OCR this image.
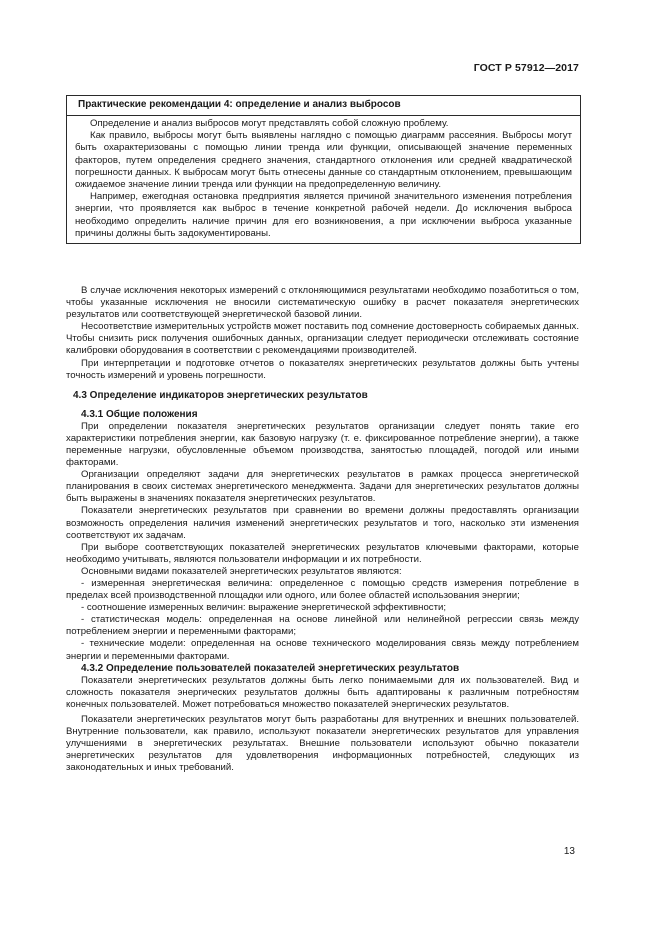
ГОСТ Р 57912—2017
Практические рекомендации 4: определение и анализ выбросов

Определение и анализ выбросов могут представлять собой сложную проблему.

Как правило, выбросы могут быть выявлены наглядно с помощью диаграмм рассеяния. Выбросы могут быть охарактеризованы с помощью линии тренда или функции, описывающей значение переменных факторов, путем определения среднего значения, стандартного отклонения или средней квадратической погрешности данных. К выбросам могут быть отнесены данные со стандартным отклонением, превышающим ожидаемое значение линии тренда или функции на предопределенную величину.

Например, ежегодная остановка предприятия является причиной значительного изменения потребления энергии, что проявляется как выброс в течение конкретной рабочей недели. До исключения выброса необходимо определить наличие причин для его возникновения, а при исключении выброса указанные причины должны быть задокументированы.

В случае исключения некоторых измерений с отклоняющимися результатами необходимо позаботиться о том, чтобы указанные исключения не вносили систематическую ошибку в расчет показателя энергетических результатов или соответствующей энергетической базовой линии.

Несоответствие измерительных устройств может поставить под сомнение достоверность собираемых данных. Чтобы снизить риск получения ошибочных данных, организации следует периодически отслеживать состояние калибровки оборудования в соответствии с рекомендациями производителей.

При интерпретации и подготовке отчетов о показателях энергетических результатов должны быть учтены точность измерений и уровень погрешности.

4.3 Определение индикаторов энергетических результатов
4.3.1 Общие положения

При определении показателя энергетических результатов организации следует понять такие его характеристики потребления энергии, как базовую нагрузку (т. е. фиксированное потребление энергии), а также переменные нагрузки, обусловленные объемом производства, занятостью площадей, погодой или иными факторами.

Организации определяют задачи для энергетических результатов в рамках процесса энергетической планирования в своих системах энергетического менеджмента. Задачи для энергетических результатов должны быть выражены в значениях показателя энергетических результатов.

Показатели энергетических результатов при сравнении во времени должны предоставлять организации возможность определения наличия изменений энергетических результатов и того, насколько эти изменения соответствуют их задачам.

При выборе соответствующих показателей энергетических результатов ключевыми факторами, которые необходимо учитывать, являются пользователи информации и их потребности.

Основными видами показателей энергетических результатов являются:

- измеренная энергетическая величина: определенное с помощью средств измерения потребление в пределах всей производственной площадки или одного, или более областей использования энергии;

- соотношение измеренных величин: выражение энергетической эффективности;

- статистическая модель: определенная на основе линейной или нелинейной регрессии связь между потреблением энергии и переменными факторами;

- технические модели: определенная на основе технического моделирования связь между потреблением энергии и переменными факторами.

4.3.2 Определение пользователей показателей энергетических результатов

Показатели энергетических результатов должны быть легко понимаемыми для их пользователей. Вид и сложность показателя энергических результатов должны быть адаптированы к различным потребностям конечных пользователей. Может потребоваться множество показателей энергических результатов.

Показатели энергетических результатов могут быть разработаны для внутренних и внешних пользователей. Внутренние пользователи, как правило, используют показатели энергетических результатов для управления улучшениями в энергетических результатах. Внешние пользователи используют обычно показатели энергетических результатов для удовлетворения информационных потребностей, следующих из законодательных и иных требований.

13
